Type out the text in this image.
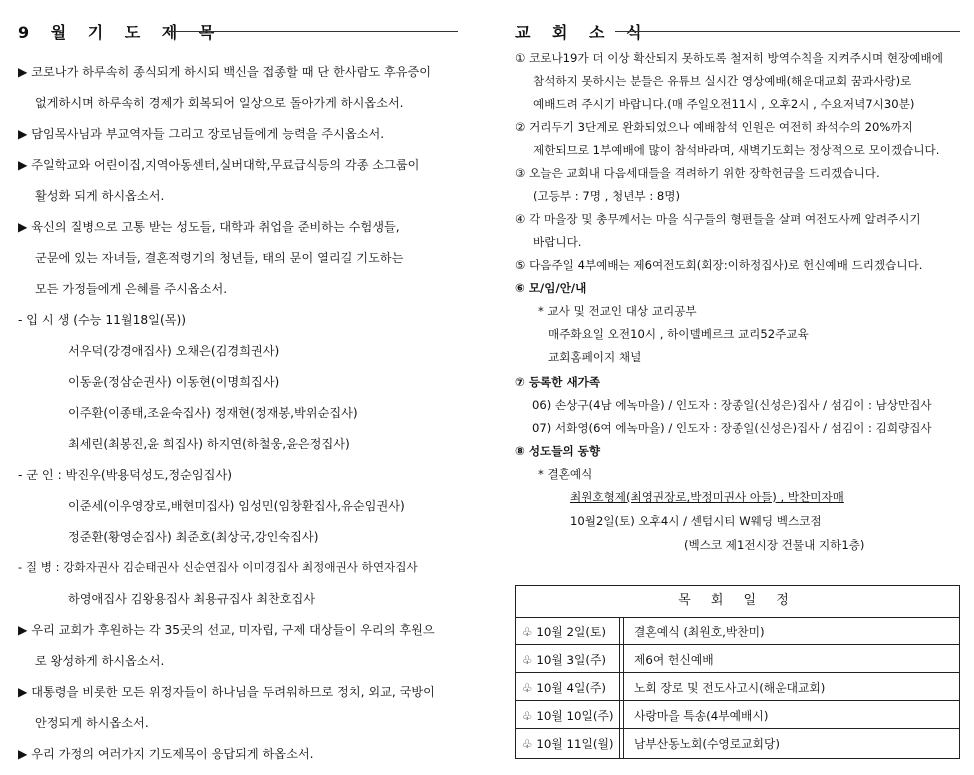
9 월 기 도 제 목
▶ 코로나가 하루속히 종식되게 하시되 백신을 접종할 때 단 한사람도 후유증이
없게하시며 하루속히 경제가 회복되어 일상으로 돌아가게 하시옵소서.
▶ 담임목사님과 부교역자들 그리고 장로님들에게 능력을 주시옵소서.
▶ 주일학교와 어린이집,지역아동센터,실버대학,무료급식등의 각종 소그룹이
활성화 되게 하시옵소서.
▶ 육신의 질병으로 고통 받는 성도들, 대학과 취업을 준비하는 수험생들,
군문에 있는 자녀들, 결혼적령기의 청년들, 태의 문이 열리길 기도하는
모든 가정들에게 은혜를 주시옵소서.
- 입 시 생 (수능 11월18일(목))
서우덕(강경애집사) 오채은(김경희권사)
이동윤(정삼순권사) 이동현(이명희집사)
이주환(이종태,조윤숙집사) 정재현(정재봉,박위순집사)
최세린(최봉진,윤 희집사) 하지연(하철웅,윤은정집사)
- 군 인 : 박진우(박용덕성도,정순임집사)
이준세(이우영장로,배현미집사) 임성민(임창환집사,유순임권사)
정준환(황영순집사) 최준호(최상국,강인숙집사)
- 질 병 : 강화자권사 김순태권사 신순연집사 이미경집사 최정애권사 하연자집사
하영애집사 김왕용집사 최용규집사 최찬호집사
▶ 우리 교회가 후원하는 각 35곳의 선교, 미자립, 구제 대상들이 우리의 후원으
로 왕성하게 하시옵소서.
▶ 대통령을 비롯한 모든 위정자들이 하나님을 두려워하므로 정치, 외교, 국방이
안정되게 하시옵소서.
▶ 우리 가정의 여러가지 기도제목이 응답되게 하옵소서.
교 회 소 식
① 코로나19가 더 이상 확산되지 못하도록 철저히 방역수칙을 지켜주시며 현장예배에
참석하지 못하시는 분들은 유튜브 실시간 영상예배(해운대교회 꿈과사랑)로
예배드려 주시기 바랍니다.(매 주일오전11시 , 오후2시 , 수요저녁7시30분)
② 거리두기 3단계로 완화되었으나 예배참석 인원은 여전히 좌석수의 20%까지
제한되므로 1부예배에 많이 참석바라며, 새벽기도회는 정상적으로 모이겠습니다.
③ 오늘은 교회내 다음세대들을 격려하기 위한 장학헌금을 드리겠습니다.
(고등부 : 7명 , 청년부 : 8명)
④ 각 마을장 및 총무께서는 마을 식구들의 형편들을 살펴 여전도사께 알려주시기
바랍니다.
⑤ 다음주일 4부예배는 제6여전도회(회장:이하정집사)로 헌신예배 드리겠습니다.
⑥ 모/임/안/내
* 교사 및 전교인 대상 교리공부
매주화요일 오전10시 , 하이델베르크 교리52주교육
교회홈페이지 채널
⑦ 등록한 새가족
06) 손상구(4남 에녹마을) / 인도자 : 장종일(신성은)집사 / 섬김이 : 남상만집사
07) 서화영(6여 에녹마을) / 인도자 : 장종일(신성은)집사 / 섬김이 : 김희량집사
⑧ 성도들의 동향
* 결혼예식
최원호형제(최영권장로,박정미권사 아들) , 박찬미자매
10월2일(토) 오후4시 / 센텀시티 W웨딩 벡스코점
(벡스코 제1전시장 건물내 지하1층)
목 회 일 정
♧ 10월 2일(토) 결혼예식 (최원호,박찬미)
♧ 10월 3일(주) 제6여 헌신예배
♧ 10월 4일(주) 노회 장로 및 전도사고시(해운대교회)
♧ 10월 10일(주) 사랑마을 특송(4부예배시)
♧ 10월 11일(월) 남부산동노회(수영로교회당)
